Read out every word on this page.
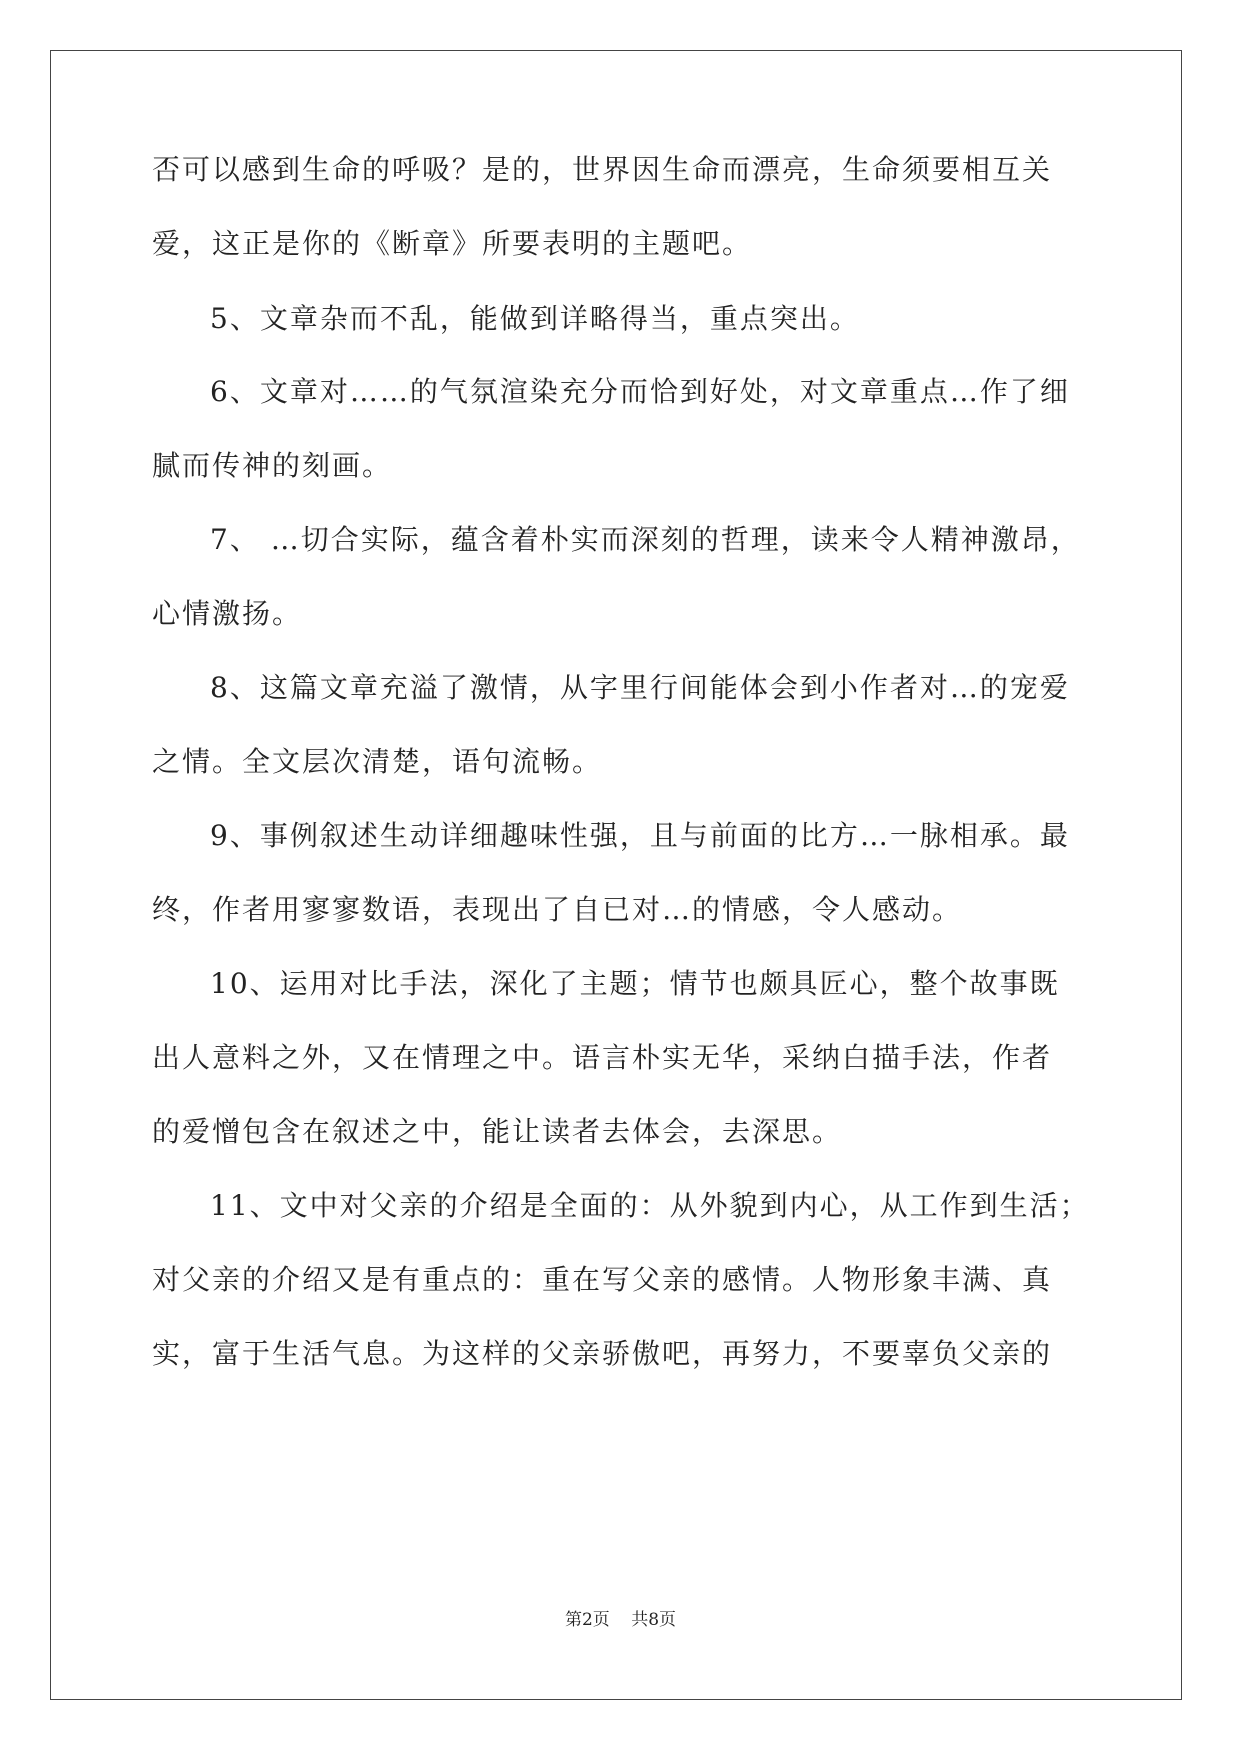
否可以感到生命的呼吸？是的，世界因生命而漂亮，生命须要相互关

爱，这正是你的《断章》所要表明的主题吧。

5、文章杂而不乱，能做到详略得当，重点突出。

6、文章对……的气氛渲染充分而恰到好处，对文章重点…作了细

腻而传神的刻画。

7、 …切合实际，蕴含着朴实而深刻的哲理，读来令人精神激昂，

心情激扬。

8、这篇文章充溢了激情，从字里行间能体会到小作者对…的宠爱

之情。全文层次清楚，语句流畅。

9、事例叙述生动详细趣味性强，且与前面的比方…一脉相承。最

终，作者用寥寥数语，表现出了自已对…的情感，令人感动。

10、运用对比手法，深化了主题；情节也颇具匠心，整个故事既

出人意料之外，又在情理之中。语言朴实无华，采纳白描手法，作者

的爱憎包含在叙述之中，能让读者去体会，去深思。

11、文中对父亲的介绍是全面的：从外貌到内心，从工作到生活；

对父亲的介绍又是有重点的：重在写父亲的感情。人物形象丰满、真

实，富于生活气息。为这样的父亲骄傲吧，再努力，不要辜负父亲的

第2页 共8页
